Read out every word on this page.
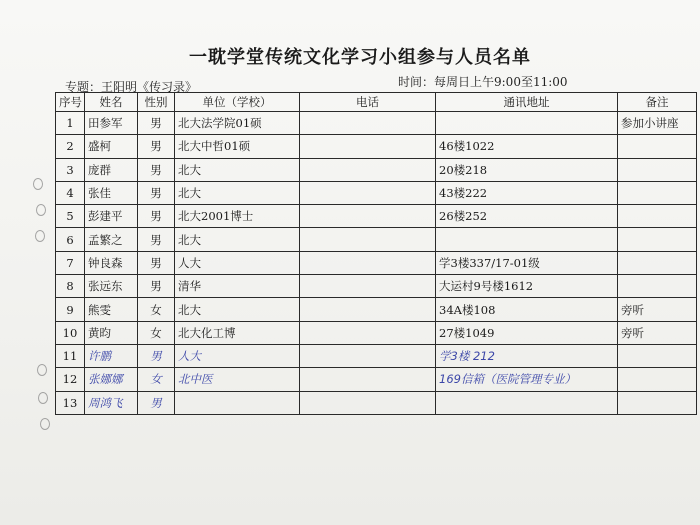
一耽学堂传统文化学习小组参与人员名单
专题：王阳明《传习录》	时间：每周日上午9:00至11:00
序号	姓名	性别	单位（学校）	电话	通讯地址	备注
1	田参军	男	北大法学院01硕			参加小讲座
2	盛柯	男	北大中哲01硕		46楼1022	
3	庞群	男	北大		20楼218	
4	张佳	男	北大		43楼222	
5	彭建平	男	北大2001博士		26楼252	
6	孟繁之	男	北大			
7	钟良森	男	人大		学3楼337/17-01级	
8	张远东	男	清华		大运村9号楼1612	
9	熊雯	女	北大		34A楼108	旁听
10	黄昀	女	北大化工博		27楼1049	旁听
11	许鹏	男	人大		学3楼 212	
12	张娜娜	女	北中医		169信箱（医院管理专业）	
13	周鸿飞	男				
